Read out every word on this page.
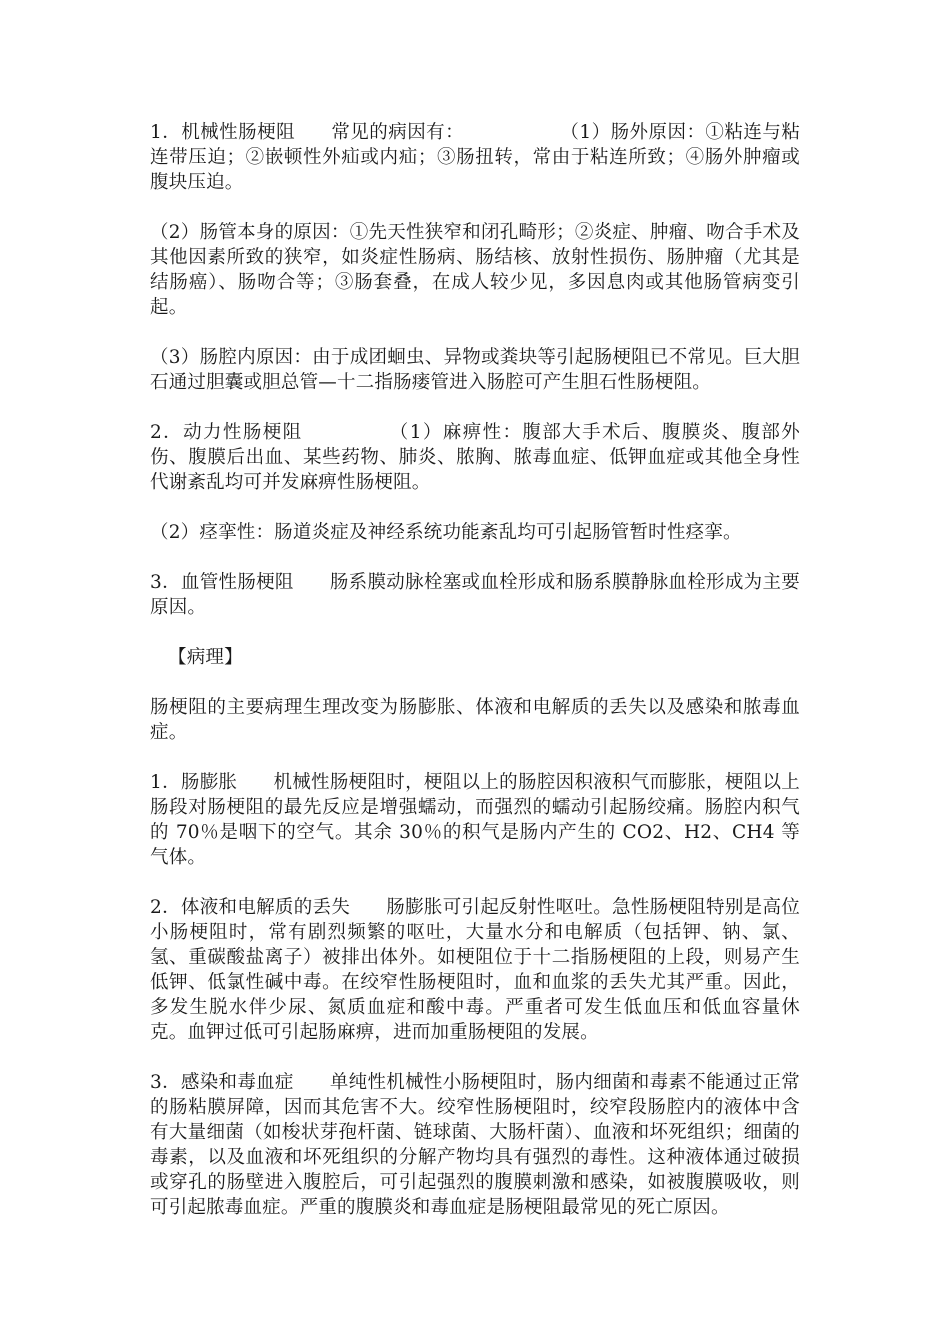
1．机械性肠梗阻 常见的病因有：	（1）肠外原因：①粘连与粘连带压迫；②嵌顿性外疝或内疝；③肠扭转，常由于粘连所致；④肠外肿瘤或腹块压迫。

（2）肠管本身的原因：①先天性狭窄和闭孔畸形；②炎症、肿瘤、吻合手术及其他因素所致的狭窄，如炎症性肠病、肠结核、放射性损伤、肠肿瘤（尤其是结肠癌）、肠吻合等；③肠套叠，在成人较少见，多因息肉或其他肠管病变引起。

（3）肠腔内原因：由于成团蛔虫、异物或粪块等引起肠梗阻已不常见。巨大胆石通过胆囊或胆总管—十二指肠瘘管进入肠腔可产生胆石性肠梗阻。

2．动力性肠梗阻	（1）麻痹性：腹部大手术后、腹膜炎、腹部外伤、腹膜后出血、某些药物、肺炎、脓胸、脓毒血症、低钾血症或其他全身性代谢紊乱均可并发麻痹性肠梗阻。

（2）痉挛性：肠道炎症及神经系统功能紊乱均可引起肠管暂时性痉挛。

3．血管性肠梗阻 肠系膜动脉栓塞或血栓形成和肠系膜静脉血栓形成为主要原因。

【病理】

肠梗阻的主要病理生理改变为肠膨胀、体液和电解质的丢失以及感染和脓毒血症。

1．肠膨胀 机械性肠梗阻时，梗阻以上的肠腔因积液积气而膨胀，梗阻以上肠段对肠梗阻的最先反应是增强蠕动，而强烈的蠕动引起肠绞痛。肠腔内积气的 70％是咽下的空气。其余 30％的积气是肠内产生的 CO2、H2、CH4 等气体。

2．体液和电解质的丢失 肠膨胀可引起反射性呕吐。急性肠梗阻特别是高位小肠梗阻时，常有剧烈频繁的呕吐，大量水分和电解质（包括钾、钠、氯、氢、重碳酸盐离子）被排出体外。如梗阻位于十二指肠梗阻的上段，则易产生低钾、低氯性碱中毒。在绞窄性肠梗阻时，血和血浆的丢失尤其严重。因此，多发生脱水伴少尿、氮质血症和酸中毒。严重者可发生低血压和低血容量休克。血钾过低可引起肠麻痹，进而加重肠梗阻的发展。

3．感染和毒血症 单纯性机械性小肠梗阻时，肠内细菌和毒素不能通过正常的肠粘膜屏障，因而其危害不大。绞窄性肠梗阻时，绞窄段肠腔内的液体中含有大量细菌（如梭状芽孢杆菌、链球菌、大肠杆菌）、血液和坏死组织；细菌的毒素，以及血液和坏死组织的分解产物均具有强烈的毒性。这种液体通过破损或穿孔的肠壁进入腹腔后，可引起强烈的腹膜刺激和感染，如被腹膜吸收，则可引起脓毒血症。严重的腹膜炎和毒血症是肠梗阻最常见的死亡原因。
